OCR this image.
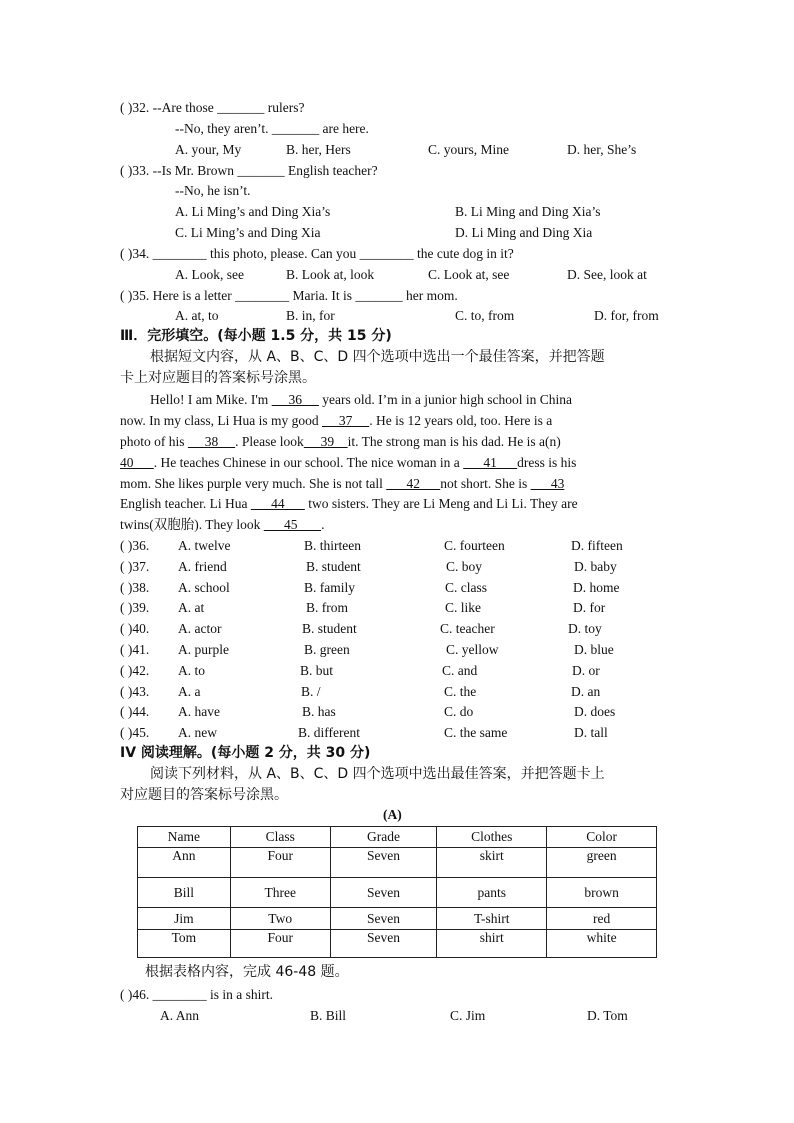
( )32. --Are those _______ rulers?
--No, they aren’t. _______ are here.
A. your, My	B. her, Hers	C. yours, Mine	D. her, She’s
( )33. --Is Mr. Brown _______ English teacher?
--No, he isn’t.
A. Li Ming’s and Ding Xia’s	B. Li Ming and Ding Xia’s
C. Li Ming’s and Ding Xia	D. Li Ming and Ding Xia
( )34. ________ this photo, please. Can you ________ the cute dog in it?
A. Look, see	B. Look at, look	C. Look at, see	D. See, look at
( )35. Here is a letter ________ Maria. It is _______ her mom.
A. at, to	B. in, for	C. to, from	D. for, from
Ⅲ．完形填空。(每小题 1.5 分，共 15 分)
根据短文内容，从 A、B、C、D 四个选项中选出一个最佳答案，并把答题
卡上对应题目的答案标号涂黑。
Hello! I am Mike. I'm      36      years old. I’m in a junior high school in China
now. In my class, Li Hua is my good      37     . He is 12 years old, too. Here is a
photo of his      38     . Please look     39    it. The strong man is his dad. He is a(n)
40      . He teaches Chinese in our school. The nice woman in a       41      dress is his
mom. She likes purple very much. She is not tall       42      not short. She is       43
English teacher. Li Hua       44       two sisters. They are Li Meng and Li Li. They are
twins(双胞胎). They look       45       .
( )36. A. twelve	B. thirteen	C. fourteen	D. fifteen
( )37. A. friend	B. student	C. boy	D. baby
( )38. A. school	B. family	C. class	D. home
( )39. A. at	B. from	C. like	D. for
( )40. A. actor	B. student	C. teacher	D. toy
( )41. A. purple	B. green	C. yellow	D. blue
( )42. A. to	B. but	C. and	D. or
( )43. A. a	B. /	C. the	D. an
( )44. A. have	B. has	C. do	D. does
( )45. A. new	B. different	C. the same	D. tall
IV 阅读理解。(每小题 2 分，共 30 分)
阅读下列材料，从 A、B、C、D 四个选项中选出最佳答案，并把答题卡上
对应题目的答案标号涂黑。
(A)
Name	Class	Grade	Clothes	Color
Ann	Four	Seven	skirt	green
Bill	Three	Seven	pants	brown
Jim	Two	Seven	T-shirt	red
Tom	Four	Seven	shirt	white
根据表格内容，完成 46-48 题。
( )46. ________ is in a shirt.
A. Ann	B. Bill	C. Jim	D. Tom
